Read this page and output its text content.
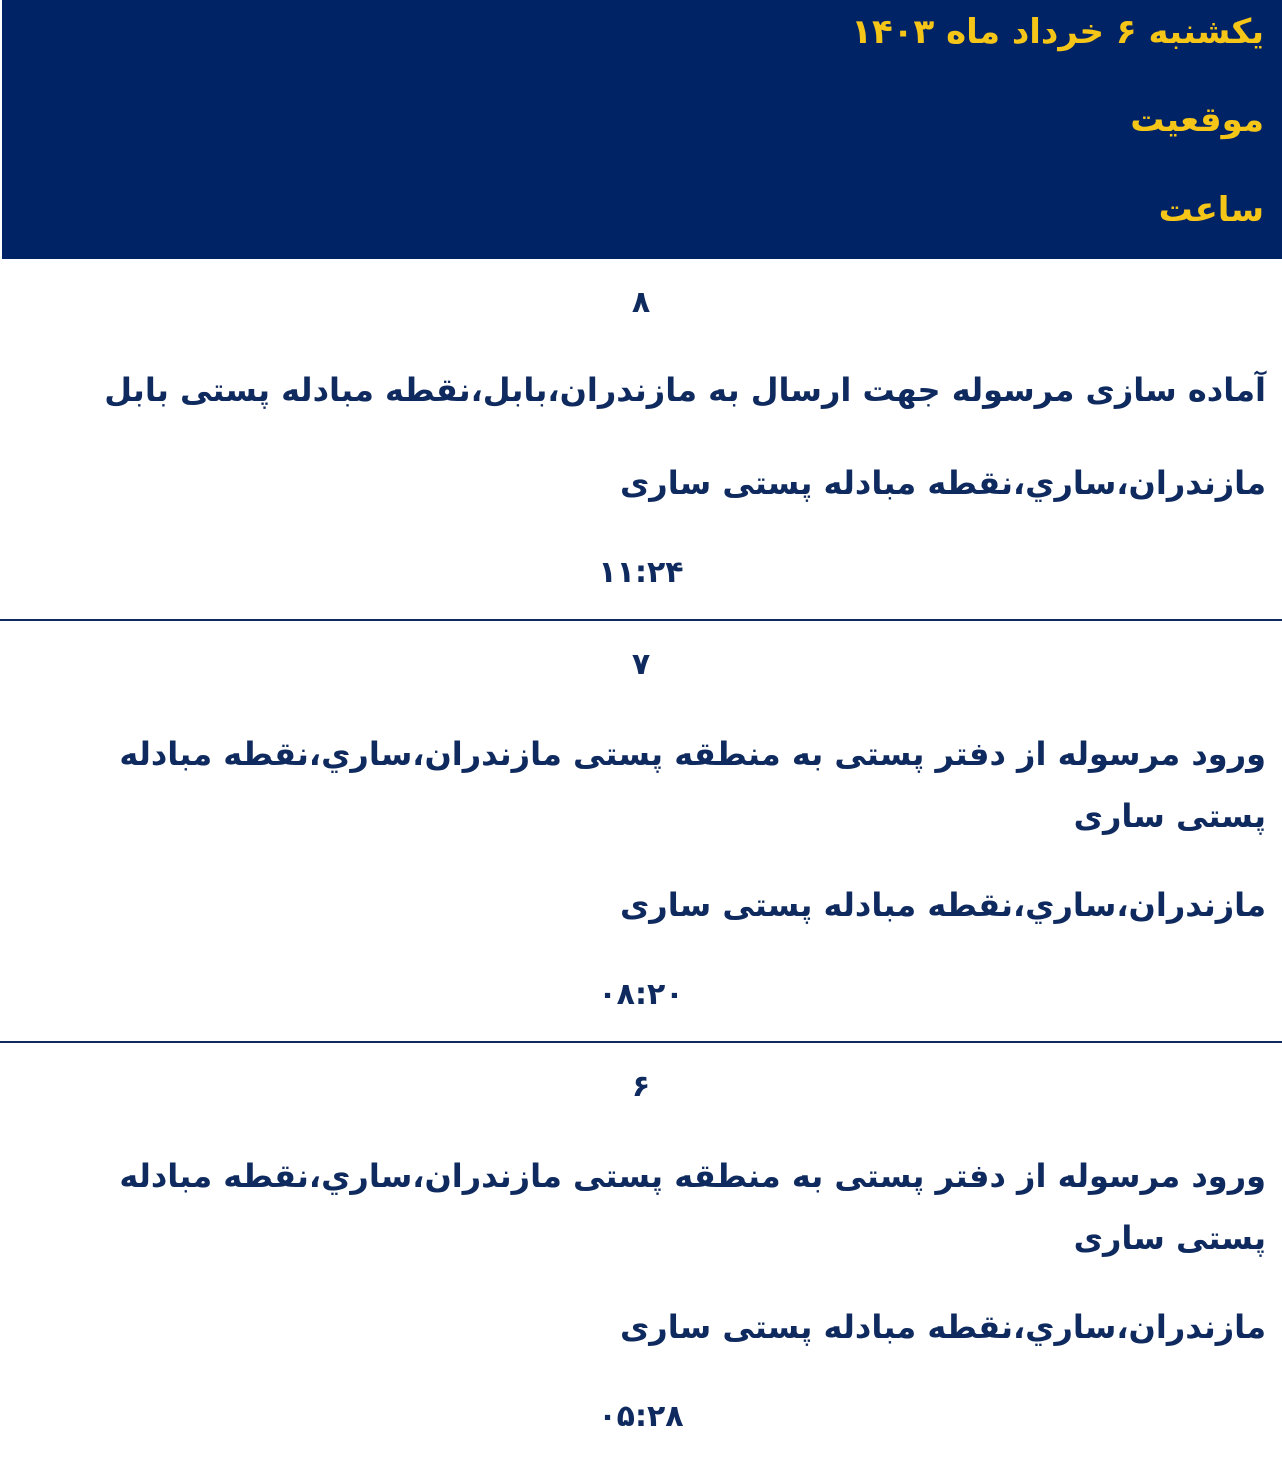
یکشنبه ۶ خرداد ماه ۱۴۰۳
موقعیت
ساعت
۸
آماده سازی مرسوله جهت ارسال به مازندران،بابل،نقطه مبادله پستی بابل
مازندران،ساري،نقطه مبادله پستی ساری
۱۱:۲۴
۷
ورود مرسوله از دفتر پستی به منطقه پستی مازندران،ساري،نقطه مبادله پستی ساری
مازندران،ساري،نقطه مبادله پستی ساری
۰۸:۲۰
۶
ورود مرسوله از دفتر پستی به منطقه پستی مازندران،ساري،نقطه مبادله پستی ساری
مازندران،ساري،نقطه مبادله پستی ساری
۰۵:۲۸
